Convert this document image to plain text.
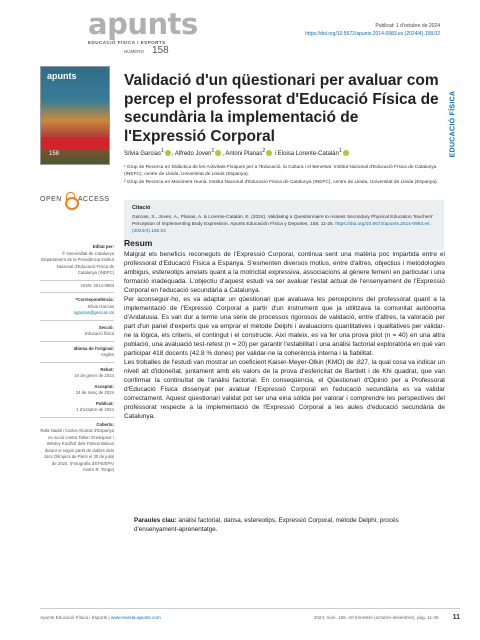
apunts
EDUCACIÓ FÍSICA I ESPORTS
Publicat: 1 d'octubre de 2024
https://doi.org/10.5672/apunts.2014-0983.es.(2024/4).158.02
NÚMERO 158
EDUCACIÓ FÍSICA
apunts
158
Validació d'un qüestionari per avaluar com percep el professorat d'Educació Física de secundària la implementació de l'Expressió Corporal
Sílvia Garcias$^1$ , Alfredo Joven$^1$ , Antoni Planas$^2$ i Eloisa Lorente-Catalán$^1$

¹ Grup de Recerca en Didàctica de les Activitats Físiques per a l'Educació, la Cultura i el Benestar. Institut Nacional d'Educació Física de Catalunya (INEFC), centre de Lleida, Universitat de Lleida (Espanya).

² Grup de Recerca en Moviment Humà. Institut Nacional d'Educació Física de Catalunya (INEFC), centre de Lleida, Universitat de Lleida (Espanya).

OPEN ACCESS
Citació
Garcias, S., Joven, A., Planas, A. & Lorente-Catalán, E. (2024). Validating a Questionnaire to Assess Secondary Physical Education Teachers' Perception of Implementing Body Expression. Apunts Educación Física y Deportes, 158, 11-25. https://doi.org/10.5672/apunts.2014-0983.es.(2024/4).158.02
Editat per:
© Generalitat de Catalunya Departament de la Presidència Institut Nacional d'Educació Física de Catalunya (INEFC)
ISSN: 2014-0983
*Correspondència:
Sílvia Garcias
sgarcias@gencat.cat
Secció:
Educació física
Idioma de l'original:
Anglès
Rebut:
24 de gener de 2024
Acceptat:
24 de març de 2024
Publicat:
1 d'octubre de 2024
Coberta:
Rafa Nadal i Carlos Alcaraz d'Espanya en acció contra Tallon Griekspoor i Wesley Koolhof dels Països Baixos durant el segon partit de dobles dels Jocs Olímpics de París el 30 de juliol de 2024. (Fotografia d'EFE/EPA/ Andre R. Tongo)
Resum

Malgrat els beneficis reconeguts de l'Expressió Corporal, continua sent una matèria poc impartida entre el professorat d'Educació Física a Espanya. S'esmenten diversos motius, entre d'altres, objectius i metodologies ambigus, estereotips arrelats quant a la motricitat expressiva, associacions al gènere femení en particular i una formació inadequada. L'objectiu d'aquest estudi va ser avaluar l'estat actual de l'ensenyament de l'Expressió Corporal en l'educació secundària a Catalunya.

Per aconseguir-ho, es va adaptar un qüestionari que avaluava les percepcions del professorat quant a la implementació de l'Expressió Corporal a partir d'un instrument que ja utilitzava la comunitat autònoma d'Andalusia. Es van dur a terme una sèrie de processos rigorosos de validació, entre d'altres, la valoració per part d'un panel d'experts que va emprar el mètode Delphi i avaluacions quantitatives i qualitatives per validar-ne la lògica, els criteris, el contingut i el constructe. Així mateix, es va fer una prova pilot (n = 40) en una altra població, una avaluació test-retest (n = 20) per garantir l'estabilitat i una anàlisi factorial exploratòria en què van participar 418 docents (42.8 % dones) per validar-ne la coherència interna i la fiabilitat.

Les troballes de l'estudi van mostrar un coeficient Kaiser-Meyer-Olkin (KMO) de .827, la qual cosa va indicar un nivell alt d'idoneïtat, juntament amb els valors de la prova d'esfericitat de Bartlett i de Khi quadrat, que van confirmar la continuïtat de l'anàlisi factorial. En conseqüència, el Qüestionari d'Opinió per a Professorat d'Educació Física dissenyat per avaluar l'Expressió Corporal en l'educació secundària es va validar correctament. Aquest qüestionari validat pot ser una eina sòlida per valorar i comprendre les perspectives del professorat respecte a la implementació de l'Expressió Corporal a les aules d'educació secundària de Catalunya.

Paraules clau: anàlisi factorial, dansa, estereotips, Expressió Corporal, mètode Delphi, procés d'ensenyament-aprenentatge.
Apunts Educació Física i Esports | www.revista-apunts.com	2024, núm. 158. 4rt trimestre (octubre-desembre), pàg. 11-25 11
